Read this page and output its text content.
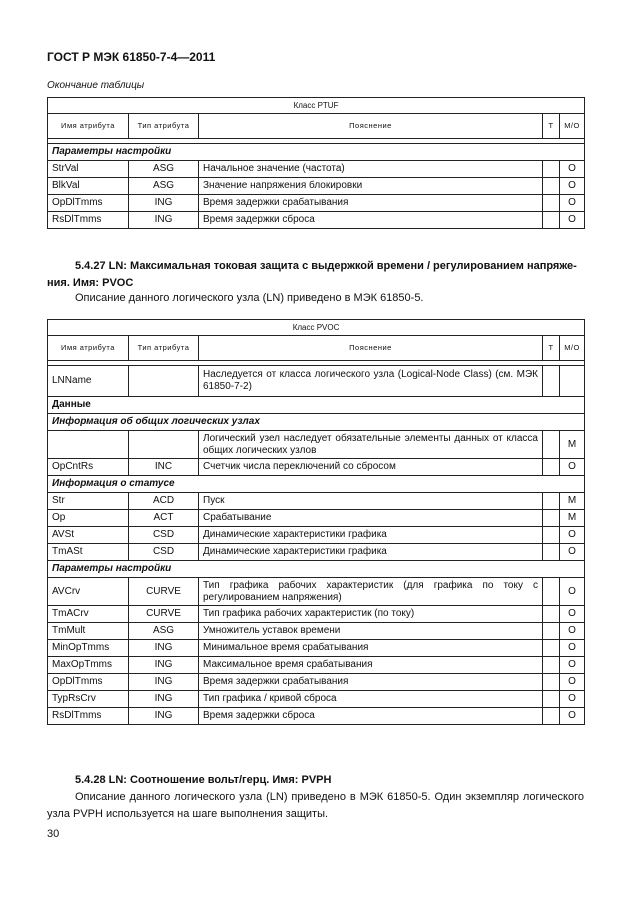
ГОСТ Р МЭК 61850-7-4—2011
Окончание таблицы
Класс PTUF				
Имя атрибута	Тип атрибута	Пояснение	T	M/O

Параметры настройки				
StrVal	ASG	Начальное значение (частота)		O
BlkVal	ASG	Значение напряжения блокировки		O
OpDlTmms	ING	Время задержки срабатывания		O
RsDlTmms	ING	Время задержки сброса		O
5.4.27 LN: Максимальная токовая защита с выдержкой времени / регулированием напряже-
ния. Имя: PVOC
Описание данного логического узла (LN) приведено в МЭК 61850-5.
Класс PVOC				
Имя атрибута	Тип атрибута	Пояснение	T	M/O

LNName		Наследуется от класса логического узла (Logical-Node Class) (см. МЭК 61850-7-2)		
Данные				
Информация об общих логических узлах				
		Логический узел наследует обязательные элементы данных от класса общих логических узлов		M
OpCntRs	INC	Счетчик числа переключений со сбросом		O
Информация о статусе				
Str	ACD	Пуск		M
Op	ACT	Срабатывание		M
AVSt	CSD	Динамические характеристики графика		O
TmASt	CSD	Динамические характеристики графика		O
Параметры настройки				
AVCrv	CURVE	Тип графика рабочих характеристик (для графика по току с регулированием напряжения)		O
TmACrv	CURVE	Тип графика рабочих характеристик (по току)		O
TmMult	ASG	Умножитель уставок времени		O
MinOpTmms	ING	Минимальное время срабатывания		O
MaxOpTmms	ING	Максимальное время срабатывания		O
OpDlTmms	ING	Время задержки срабатывания		O
TypRsCrv	ING	Тип графика / кривой сброса		O
RsDlTmms	ING	Время задержки сброса		O
5.4.28 LN: Соотношение вольт/герц. Имя: PVPH
Описание данного логического узла (LN) приведено в МЭК 61850-5. Один экземпляр логического узла PVPH используется на шаге выполнения защиты.
30
